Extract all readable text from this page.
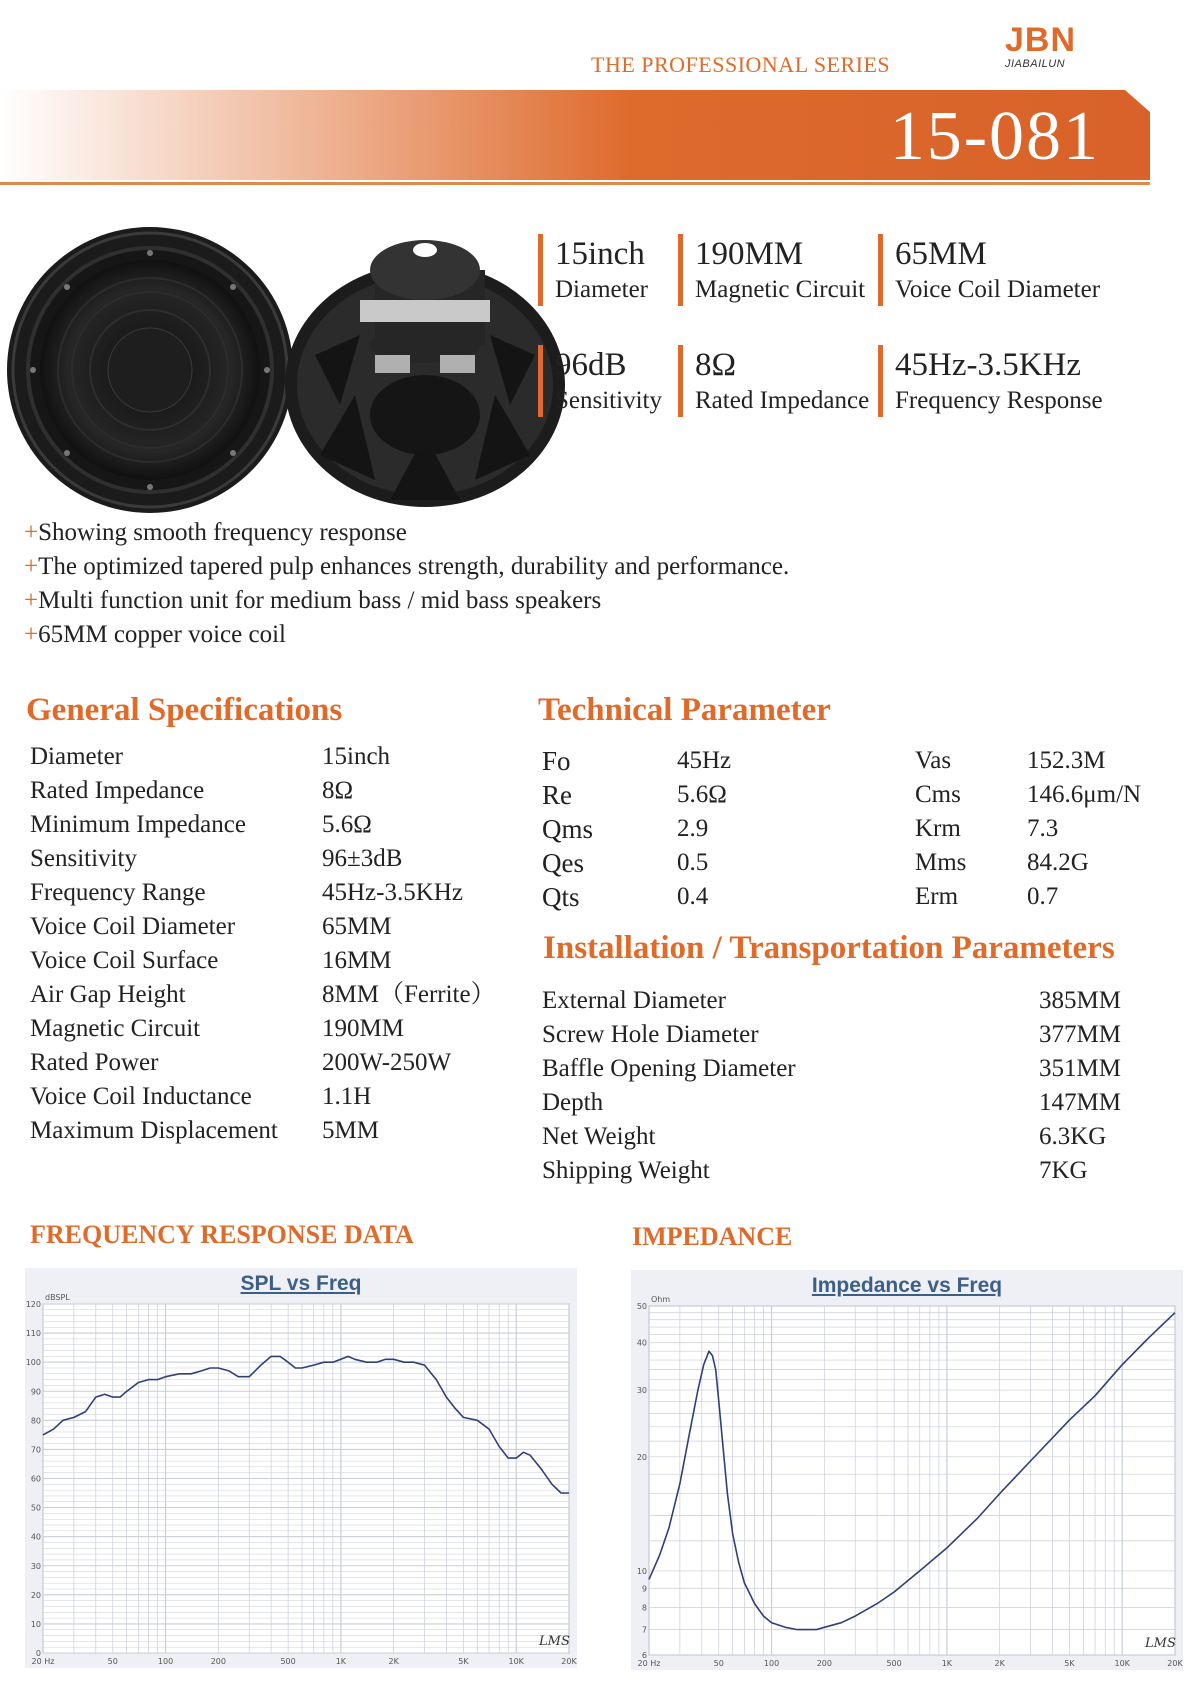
THE PROFESSIONAL SERIES
JBN
JIABAILUN
15-081
15inch
Diameter
190MM
Magnetic Circuit
65MM
Voice Coil Diameter
96dB
Sensitivity
8Ω
Rated Impedance
45Hz-3.5KHz
Frequency Response
+Showing smooth frequency response
+The optimized tapered pulp enhances strength, durability and performance.
+Multi function unit for medium bass / mid bass speakers
+65MM copper voice coil
General Specifications
Diameter	15inch
Rated Impedance	8Ω
Minimum Impedance	5.6Ω
Sensitivity	96±3dB
Frequency Range	45Hz-3.5KHz
Voice Coil Diameter	65MM
Voice Coil Surface	16MM
Air Gap Height	8MM（Ferrite）
Magnetic Circuit	190MM
Rated Power	200W-250W
Voice Coil Inductance	1.1H
Maximum Displacement	5MM
Technical Parameter
Fo	45Hz	Vas	152.3M
Re	5.6Ω	Cms	146.6μm/N
Qms	2.9	Krm	7.3
Qes	0.5	Mms	84.2G
Qts	0.4	Erm	0.7
Installation / Transportation Parameters
External Diameter	385MM
Screw Hole Diameter	377MM
Baffle Opening Diameter	351MM
Depth	147MM
Net Weight	6.3KG
Shipping Weight	7KG
FREQUENCY RESPONSE DATA	IMPEDANCE
SPL vs Freq
0
10
20
30
40
50
60
70
80
90
100
110
120
20 Hz	50	100	200	500	1K	2K	5K	10K	20K
dBSPL
LMS
Impedance vs Freq
6
7
8
9
10
20
30
40
50
20 Hz	50	100	200	500	1K	2K	5K	10K	20K
Ohm
LMS
